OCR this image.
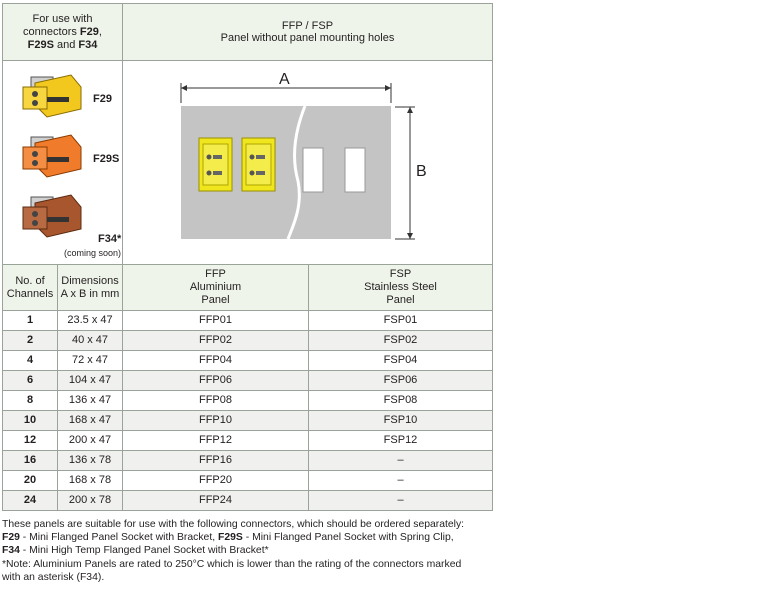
For use with
connectors F29,
F29S and F34		FFP / FSP
Panel without panel mounting holes	

F29
F29S
F34*
(coming soon)		A
B	

No. of
Channels	Dimensions
A x B in mm	FFP
Aluminium
Panel	FSP
Stainless Steel
Panel
1	23.5 x 47	FFP01	FSP01
2	40 x 47	FFP02	FSP02
4	72 x 47	FFP04	FSP04
6	104 x 47	FFP06	FSP06
8	136 x 47	FFP08	FSP08
10	168 x 47	FFP10	FSP10
12	200 x 47	FFP12	FSP12
16	136 x 78	FFP16	–
20	168 x 78	FFP20	–
24	200 x 78	FFP24	–
These panels are suitable for use with the following connectors, which should be ordered separately:
F29 - Mini Flanged Panel Socket with Bracket, F29S - Mini Flanged Panel Socket with Spring Clip,
F34 - Mini High Temp Flanged Panel Socket with Bracket*
*Note: Aluminium Panels are rated to 250°C which is lower than the rating of the connectors marked
with an asterisk (F34).
